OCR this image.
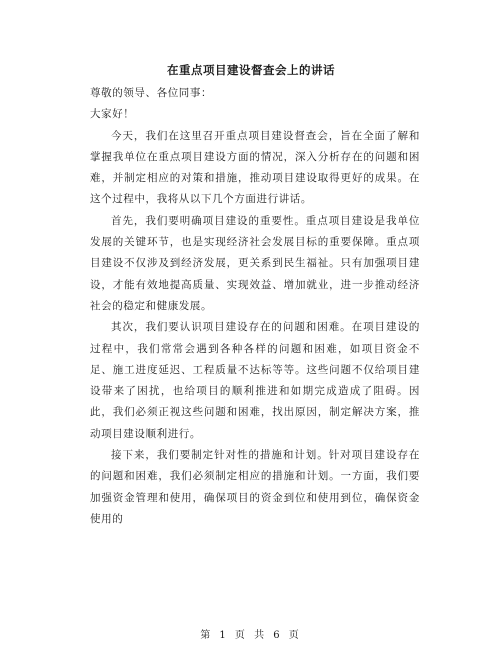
在重点项目建设督查会上的讲话

尊敬的领导、各位同事：

大家好！

今天，我们在这里召开重点项目建设督查会，旨在全面了解和掌握我单位在重点项目建设方面的情况，深入分析存在的问题和困难，并制定相应的对策和措施，推动项目建设取得更好的成果。在这个过程中，我将从以下几个方面进行讲话。

首先，我们要明确项目建设的重要性。重点项目建设是我单位发展的关键环节，也是实现经济社会发展目标的重要保障。重点项目建设不仅涉及到经济发展，更关系到民生福祉。只有加强项目建设，才能有效地提高质量、实现效益、增加就业，进一步推动经济社会的稳定和健康发展。

其次，我们要认识项目建设存在的问题和困难。在项目建设的过程中，我们常常会遇到各种各样的问题和困难，如项目资金不足、施工进度延迟、工程质量不达标等等。这些问题不仅给项目建设带来了困扰，也给项目的顺利推进和如期完成造成了阻碍。因此，我们必须正视这些问题和困难，找出原因，制定解决方案，推动项目建设顺利进行。

接下来，我们要制定针对性的措施和计划。针对项目建设存在的问题和困难，我们必须制定相应的措施和计划。一方面，我们要加强资金管理和使用，确保项目的资金到位和使用到位，确保资金使用的

第 1 页 共 6 页
